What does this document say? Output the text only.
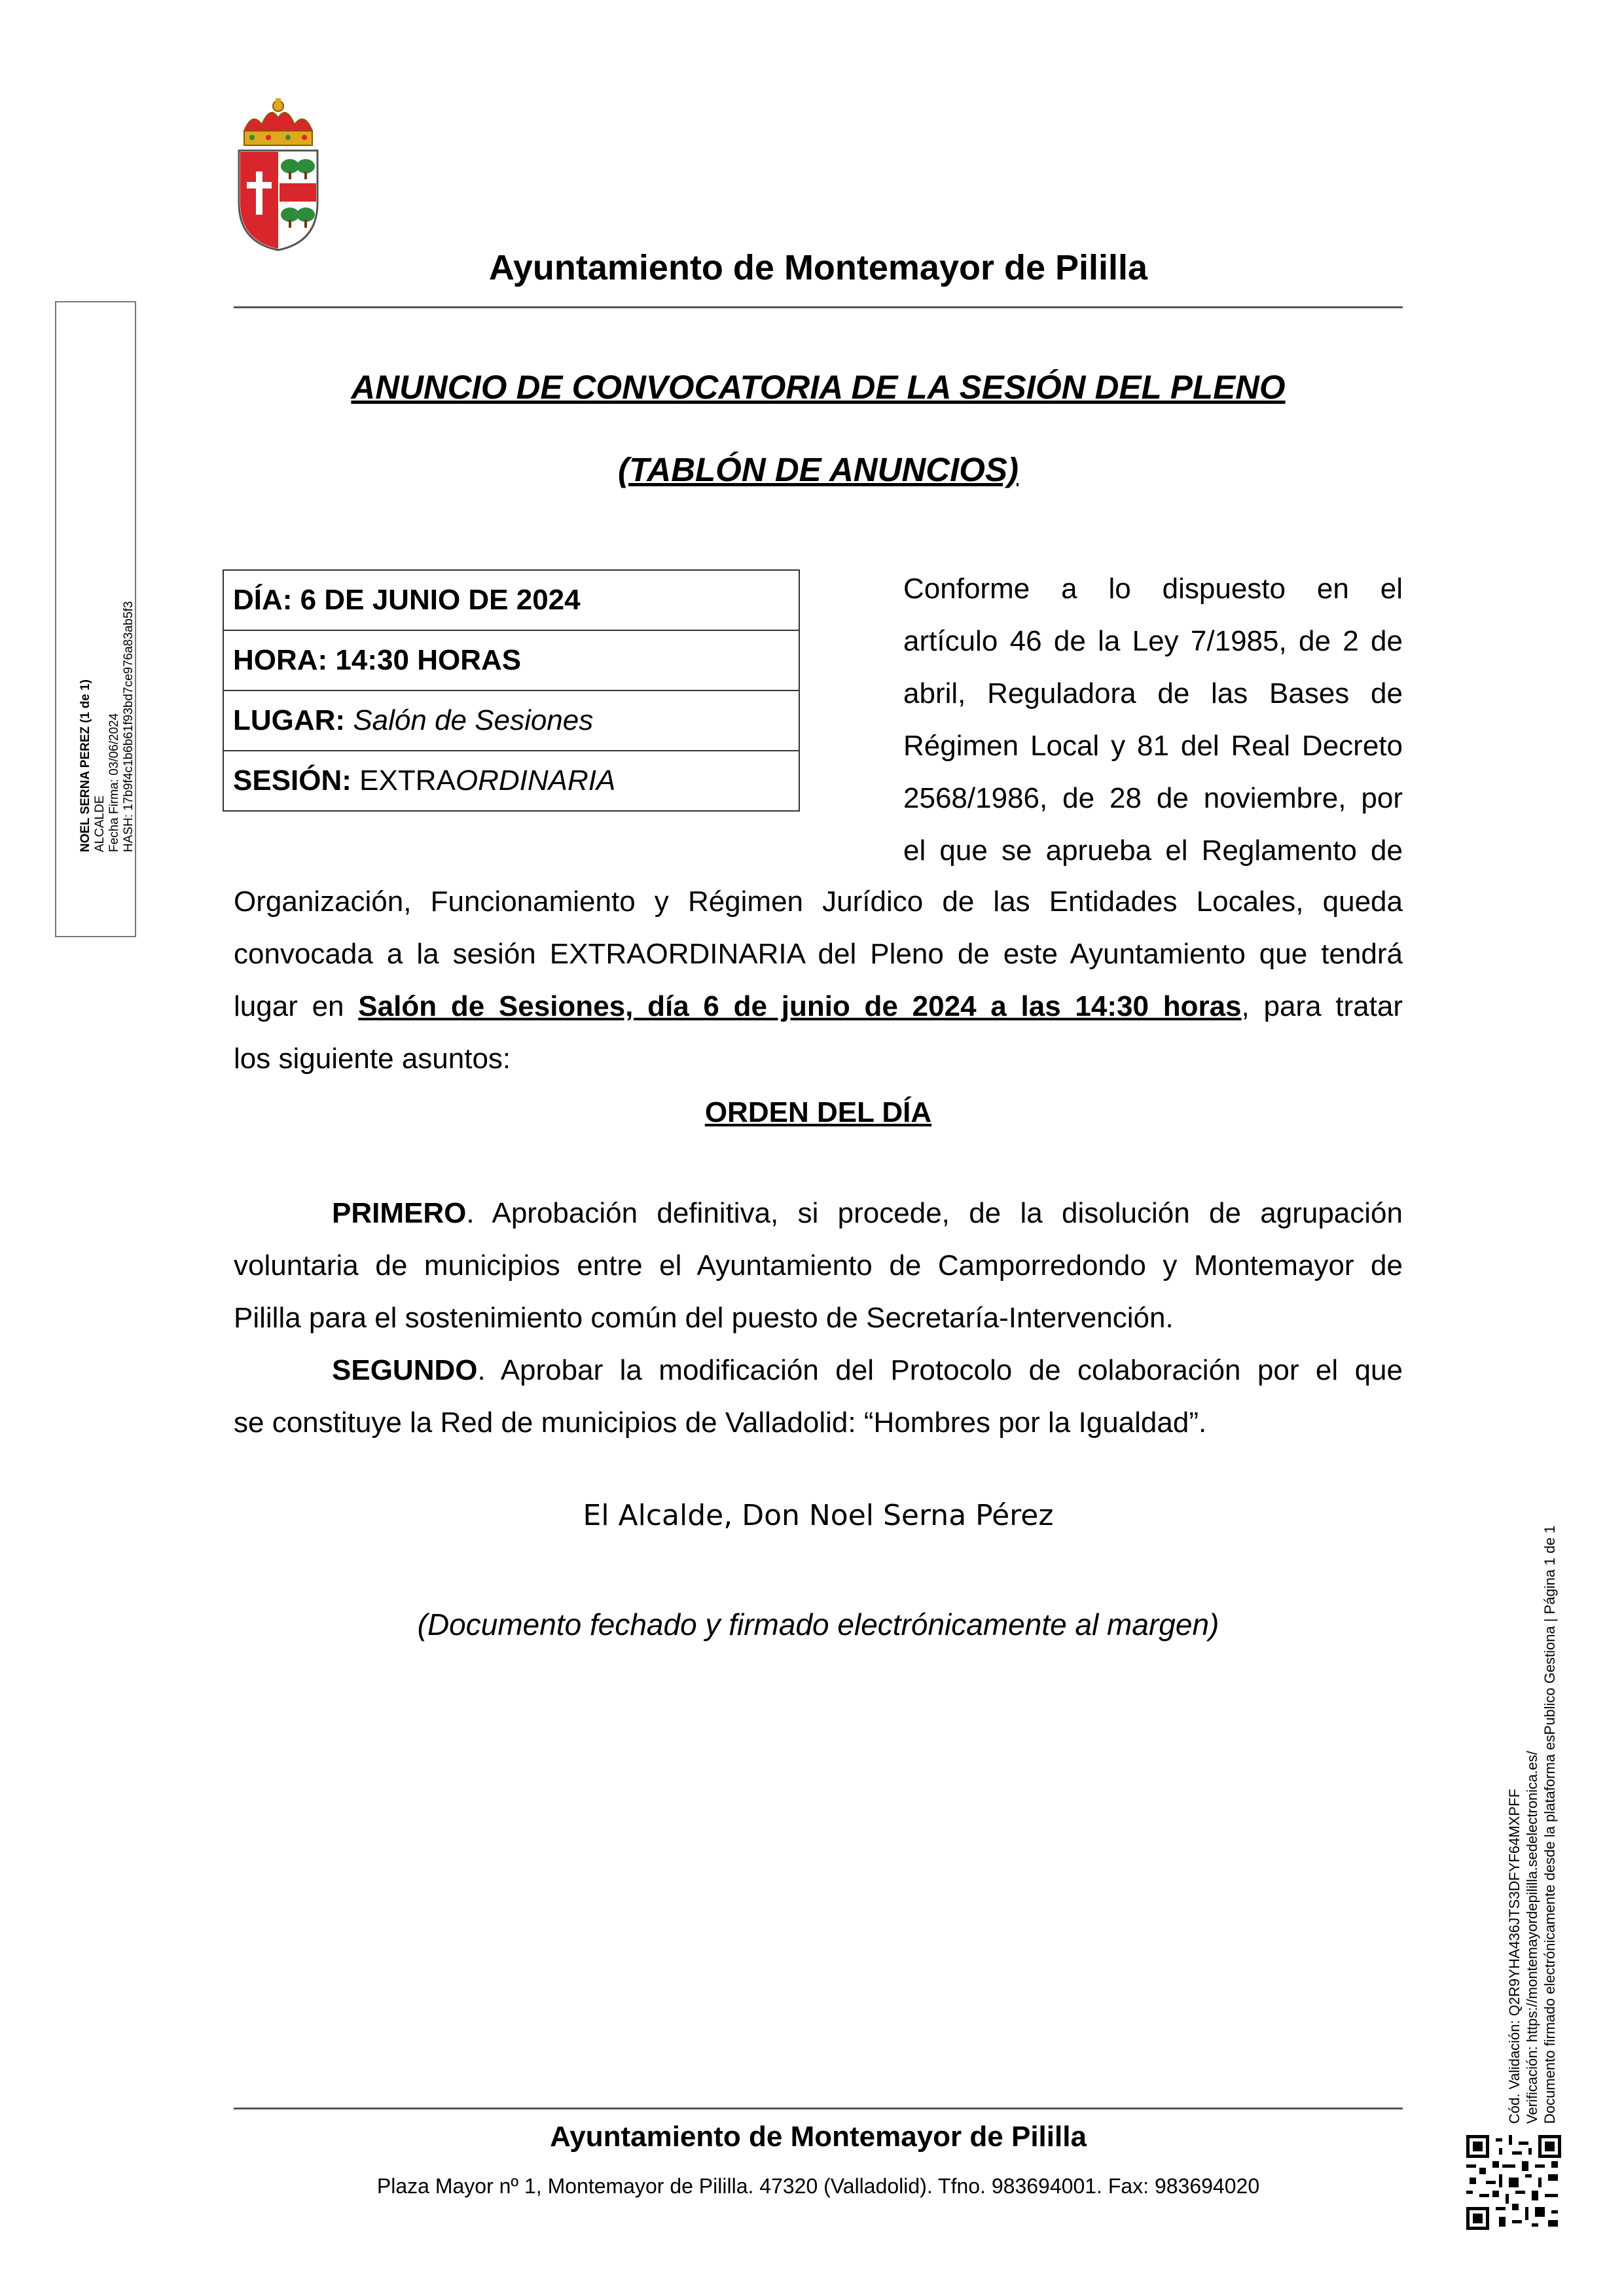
Ayuntamiento de Montemayor de Pililla
ANUNCIO DE CONVOCATORIA DE LA SESIÓN DEL PLENO
(TABLÓN DE ANUNCIOS)
DÍA: 6 DE JUNIO DE 2024
HORA: 14:30 HORAS
LUGAR: Salón de Sesiones
SESIÓN: EXTRAORDINARIA
Conforme a lo dispuesto en el
artículo 46 de la Ley 7/1985, de 2 de
abril, Reguladora de las Bases de
Régimen Local y 81 del Real Decreto
2568/1986, de 28 de noviembre, por
el que se aprueba el Reglamento de
Organización, Funcionamiento y Régimen Jurídico de las Entidades Locales, queda
convocada a la sesión EXTRAORDINARIA del Pleno de este Ayuntamiento que tendrá
lugar en Salón de Sesiones, día 6 de junio de 2024 a las 14:30 horas, para tratar
los siguiente asuntos:
ORDEN DEL DÍA
PRIMERO. Aprobación definitiva, si procede, de la disolución de agrupación
voluntaria de municipios entre el Ayuntamiento de Camporredondo y Montemayor de
Pililla para el sostenimiento común del puesto de Secretaría-Intervención.
SEGUNDO. Aprobar la modificación del Protocolo de colaboración por el que
se constituye la Red de municipios de Valladolid: “Hombres por la Igualdad”.
El Alcalde, Don Noel Serna Pérez
(Documento fechado y firmado electrónicamente al margen)
Ayuntamiento de Montemayor de Pililla
Plaza Mayor nº 1, Montemayor de Pililla. 47320 (Valladolid). Tfno. 983694001. Fax: 983694020
NOEL SERNA PEREZ (1 de 1) ALCALDE Fecha Firma: 03/06/2024 HASH: 17b9f4c1b6b61f93bd7ce976a83ab5f3
Cód. Validación: Q2R9YHA436JTS3DFYF64MXPFF Verificación: https://montemayordepililla.sedelectronica.es/ Documento firmado electrónicamente desde la plataforma esPublico Gestiona | Página 1 de 1
